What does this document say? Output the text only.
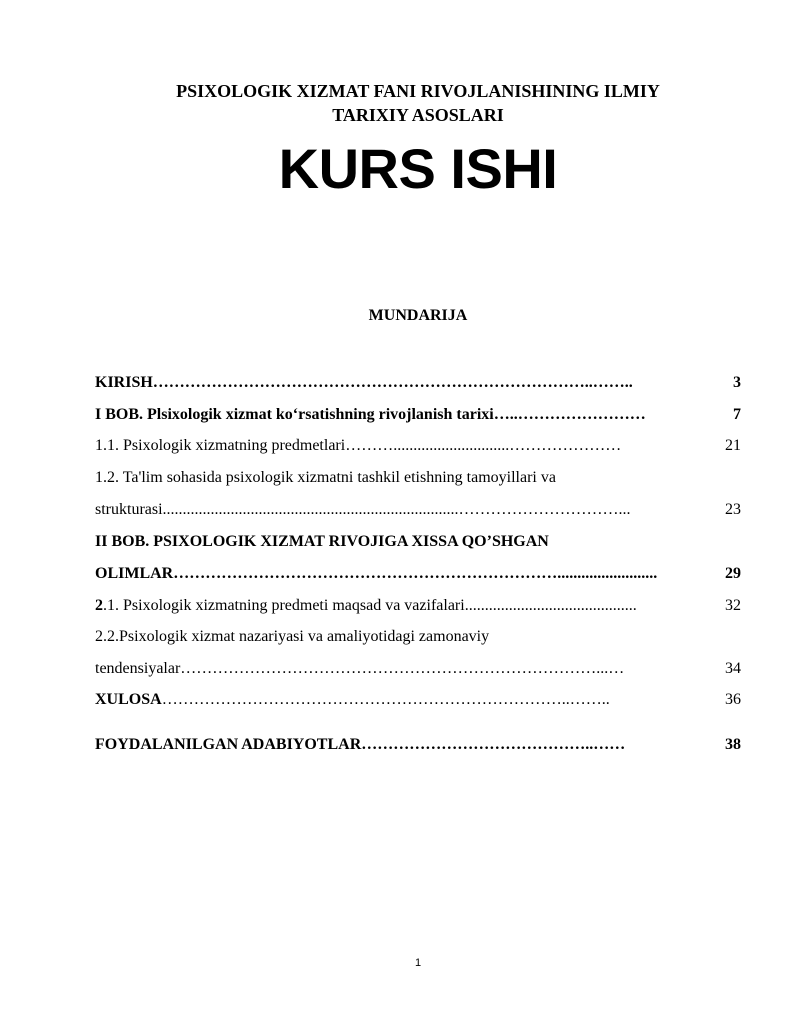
PSIXOLOGIK XIZMAT FANI RIVOJLANISHINING ILMIY
TARIXIY ASOSLARI
KURS ISHI
MUNDARIJA
KIRISH ………………………………………………………………………..……..	3
I BOB. Plsixologik xizmat ko‘rsatishning rivojlanish tarixi …..……………………	7
1.1. Psixologik xizmatning predmetlari ……….............................…………………	21
1.2. Ta'lim sohasida psixologik xizmatni tashkil etishning tamoyillari va
strukturasi ..........................................................................…………………………...	23
II BOB. PSIXOLOGIK XIZMAT RIVOJIGA XISSA QO’SHGAN
OLIMLAR ……………………………………………………………….........................	29
2.1. Psixologik xizmatning predmeti maqsad va vazifalari ...........................................	32
2.2.Psixologik xizmat nazariyasi va amaliyotidagi zamonaviy
tendensiyalar ……………………………………………………………………...…	34
XULOSA …………………………………………………………………..……..	36
FOYDALANILGAN ADABIYOTLAR ……………………………………..……	38
1
